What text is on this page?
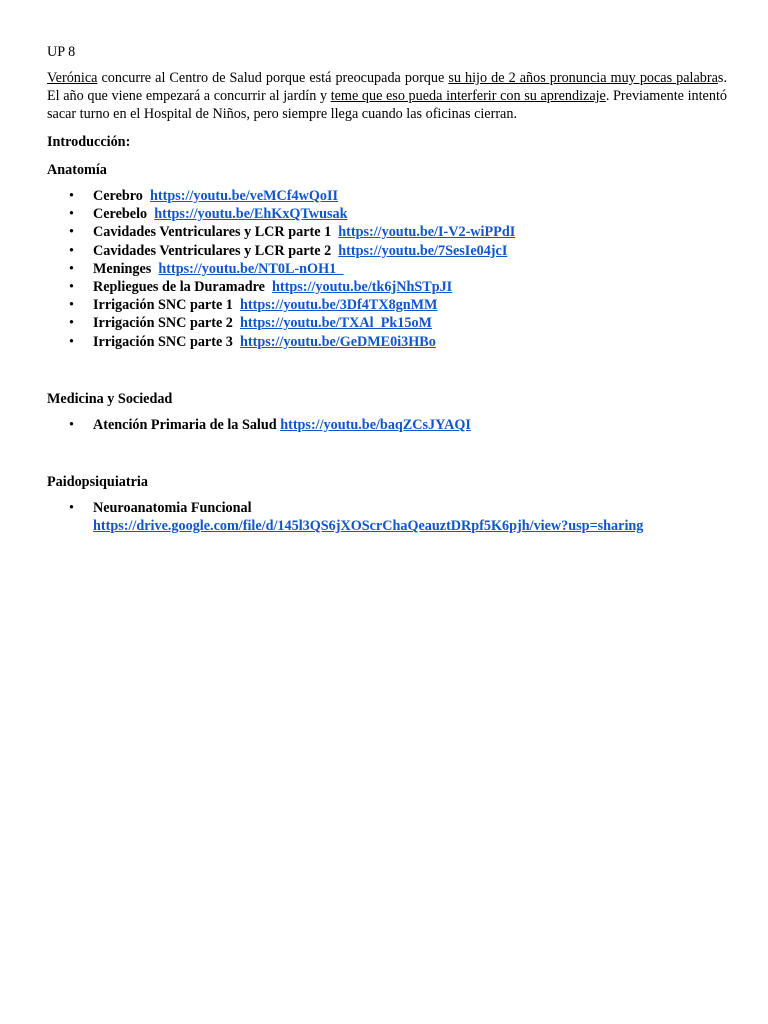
UP 8

Verónica concurre al Centro de Salud porque está preocupada porque su hijo de 2 años pronuncia muy pocas palabras. El año que viene empezará a concurrir al jardín y teme que eso pueda interferir con su aprendizaje. Previamente intentó sacar turno en el Hospital de Niños, pero siempre llega cuando las oficinas cierran.

Introducción:

Anatomía

• Cerebro https://youtu.be/veMCf4wQoII
• Cerebelo https://youtu.be/EhKxQTwusak
• Cavidades Ventriculares y LCR parte 1 https://youtu.be/I-V2-wiPPdI
• Cavidades Ventriculares y LCR parte 2 https://youtu.be/7SesIe04jcI
• Meninges https://youtu.be/NT0L-nOH1_
• Repliegues de la Duramadre https://youtu.be/tk6jNhSTpJI
• Irrigación SNC parte 1 https://youtu.be/3Df4TX8gnMM
• Irrigación SNC parte 2 https://youtu.be/TXAl_Pk15oM
• Irrigación SNC parte 3 https://youtu.be/GeDME0i3HBo

Medicina y Sociedad

• Atención Primaria de la Salud https://youtu.be/baqZCsJYAQI

Paidopsiquiatria

• Neuroanatomia Funcional
https://drive.google.com/file/d/145l3QS6jXOScrChaQeauztDRpf5K6pjh/view?usp=sharing
